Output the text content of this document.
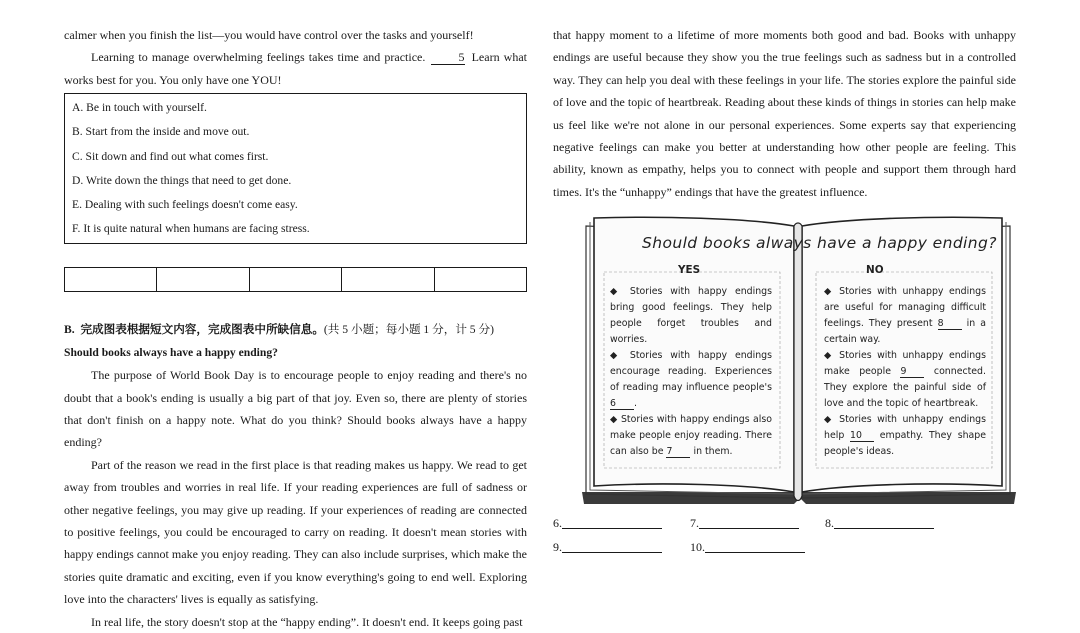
calmer when you finish the list—you would have control over the tasks and yourself!

Learning to manage overwhelming feelings takes time and practice. 5 Learn what works best for you. You only have one YOU!

A. Be in touch with yourself.
B. Start from the inside and move out.
C. Sit down and find out what comes first.
D. Write down the things that need to get done.
E. Dealing with such feelings doesn't come easy.
F. It is quite natural when humans are facing stress.

B. 完成图表根据短文内容，完成图表中所缺信息。(共 5 小题；每小题 1 分，计 5 分)

Should books always have a happy ending?

The purpose of World Book Day is to encourage people to enjoy reading and there's no doubt that a book's ending is usually a big part of that joy. Even so, there are plenty of stories that don't finish on a happy note. What do you think? Should books always have a happy ending?

Part of the reason we read in the first place is that reading makes us happy. We read to get away from troubles and worries in real life. If your reading experiences are full of sadness or other negative feelings, you may give up reading. If your experiences of reading are connected to positive feelings, you could be encouraged to carry on reading. It doesn't mean stories with happy endings cannot make you enjoy reading. They can also include surprises, which make the stories quite dramatic and exciting, even if you know everything's going to end well. Exploring love into the characters' lives is equally as satisfying.

In real life, the story doesn't stop at the “happy ending”. It doesn't end. It keeps going past

that happy moment to a lifetime of more moments both good and bad. Books with unhappy endings are useful because they show you the true feelings such as sadness but in a controlled way. They can help you deal with these feelings in your life. The stories explore the painful side of love and the topic of heartbreak. Reading about these kinds of things in stories can help make us feel like we're not alone in our personal experiences. Some experts say that experiencing negative feelings can make you better at understanding how other people are feeling. This ability, known as empathy, helps you to connect with people and support them through hard times. It's the “unhappy” endings that have the greatest influence.

Should books always have a happy ending?
YES	NO
◆ Stories with happy endings bring good feelings. They help people forget troubles and worries.
◆ Stories with happy endings encourage reading. Experiences of reading may influence people's 6 .
◆ Stories with happy endings also make people enjoy reading. There can also be 7 in them.
◆ Stories with unhappy endings are useful for managing difficult feelings. They present 8 in a certain way.
◆ Stories with unhappy endings make people 9 connected. They explore the painful side of love and the topic of heartbreak.
◆ Stories with unhappy endings help 10 empathy. They shape people's ideas.
6.	7.	8.
9.	10.
